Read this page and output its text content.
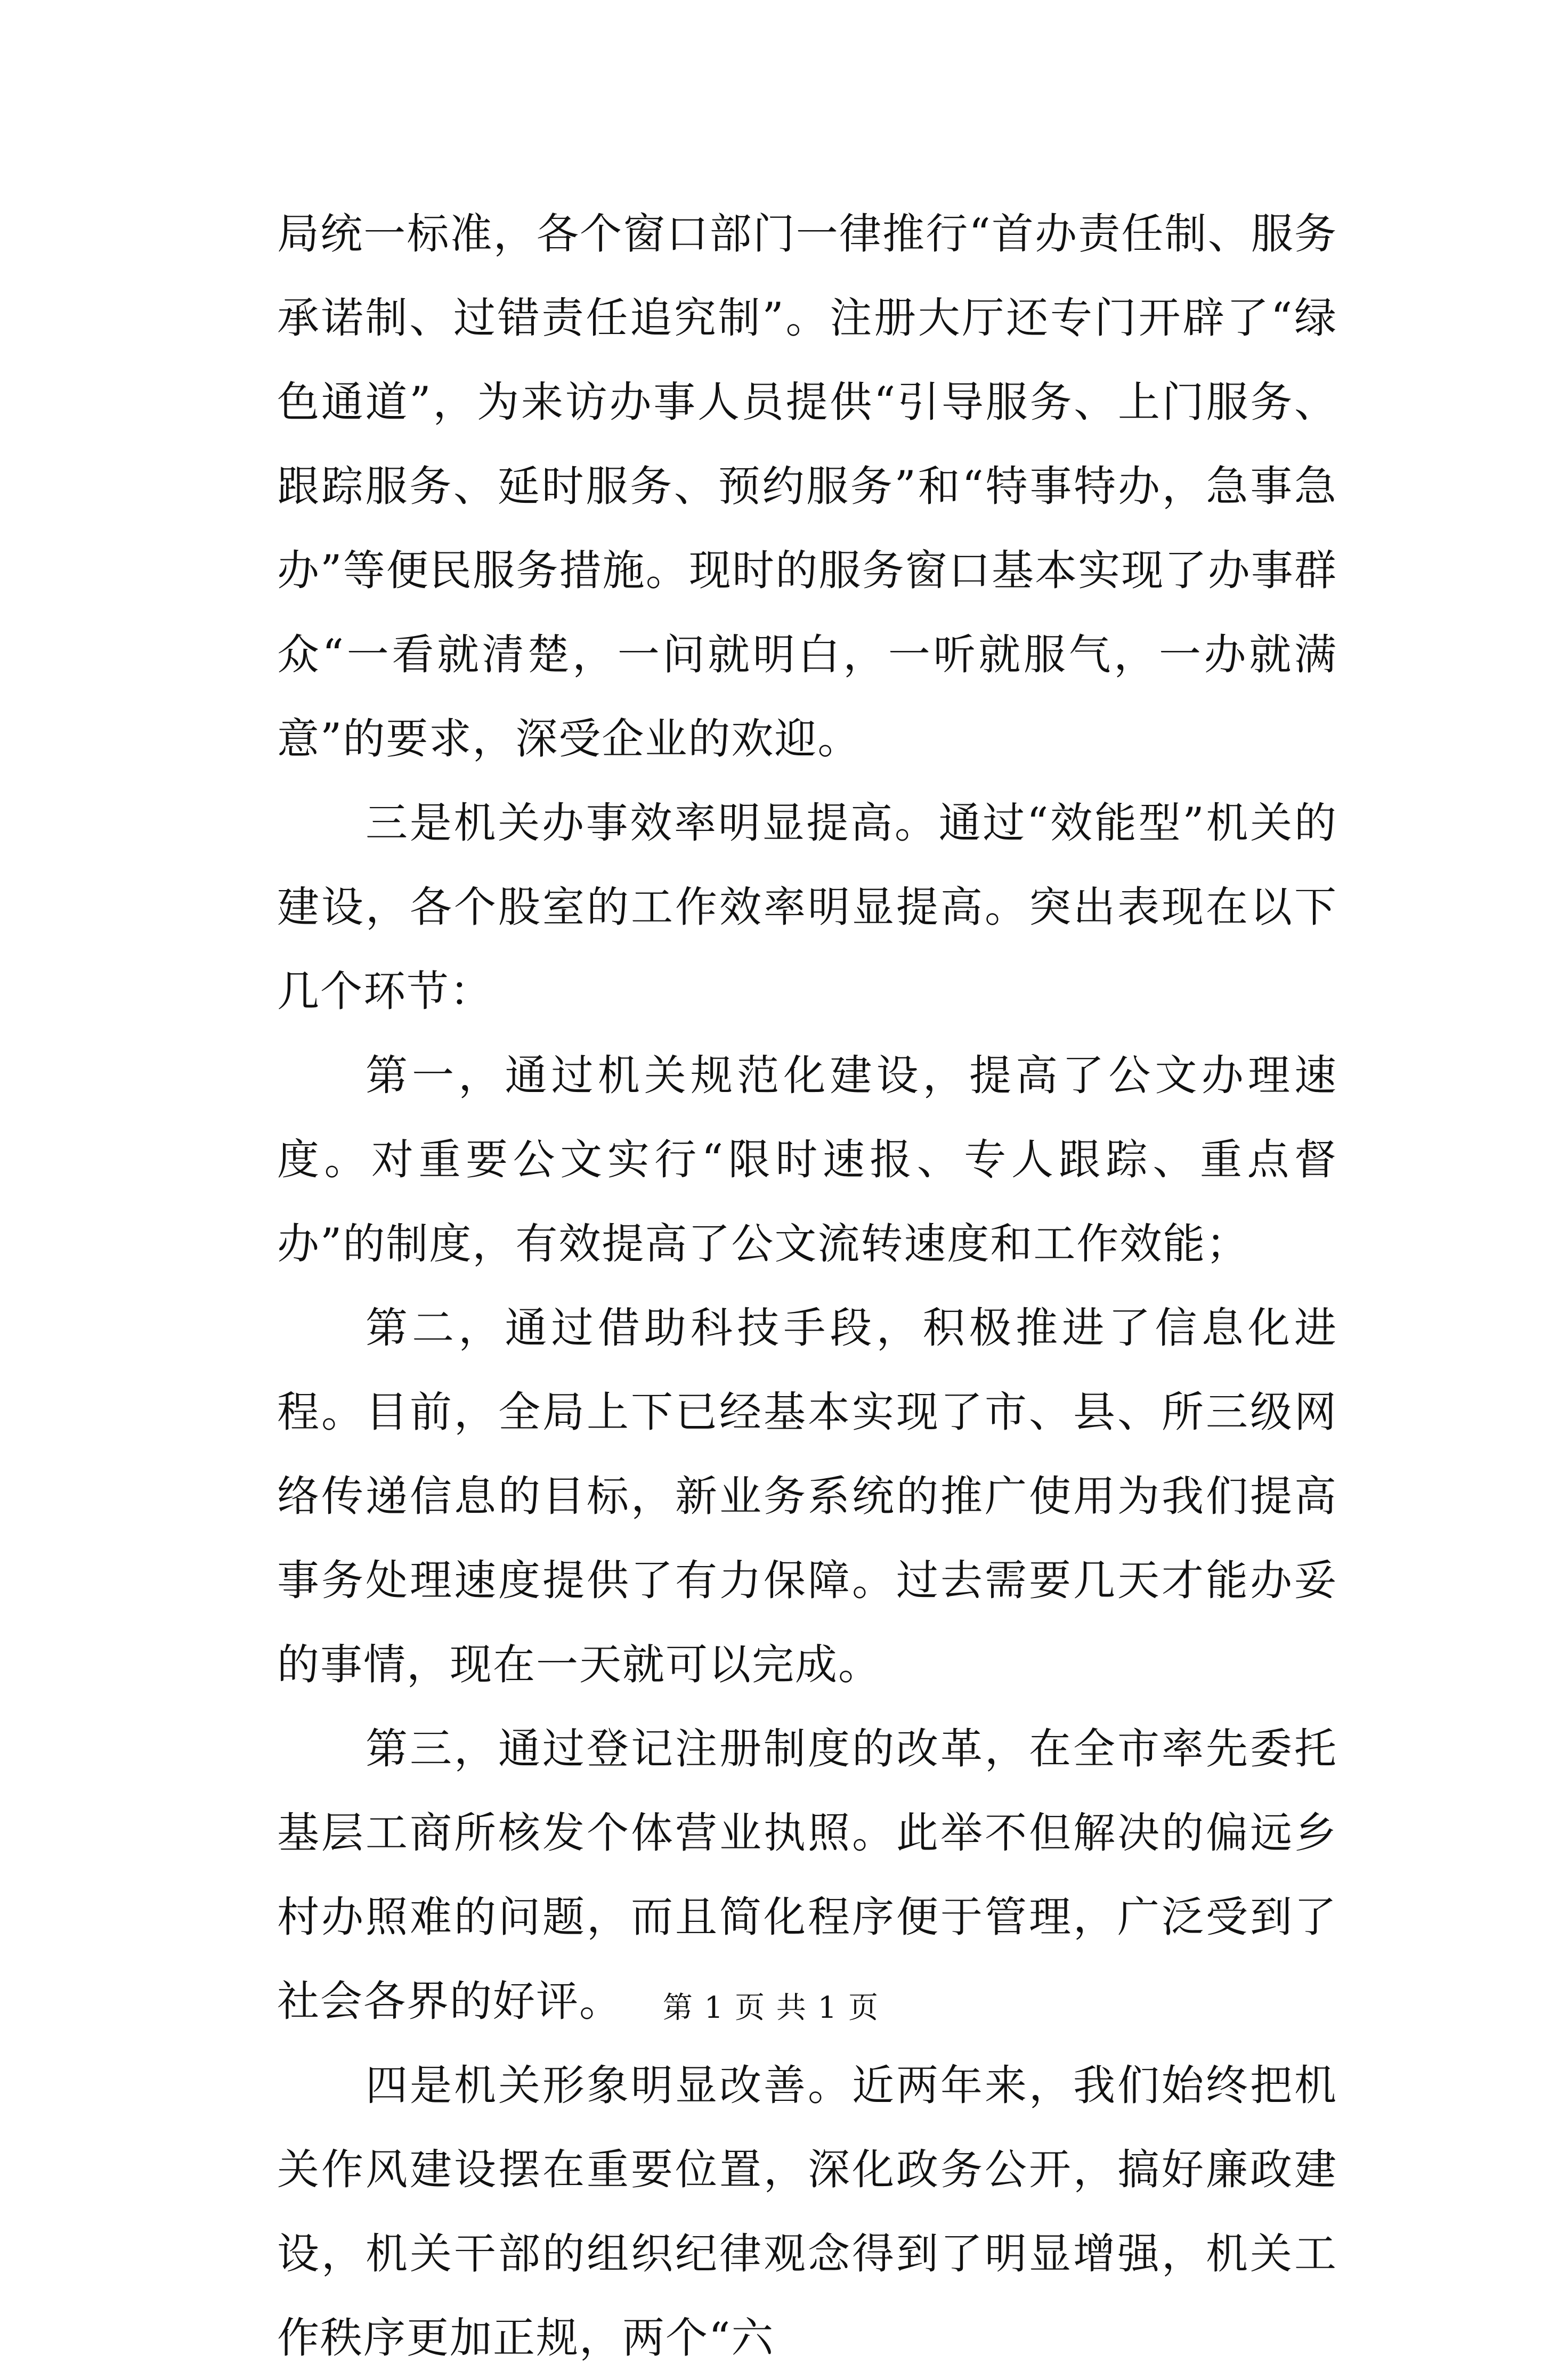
局统一标准，各个窗口部门一律推行“首办责任制、服务承诺制、过错责任追究制”。注册大厅还专门开辟了“绿色通道”，为来访办事人员提供“引导服务、上门服务、跟踪服务、延时服务、预约服务”和“特事特办，急事急办”等便民服务措施。现时的服务窗口基本实现了办事群众“一看就清楚，一问就明白，一听就服气，一办就满意”的要求，深受企业的欢迎。

三是机关办事效率明显提高。通过“效能型”机关的建设，各个股室的工作效率明显提高。突出表现在以下几个环节：

第一，通过机关规范化建设，提高了公文办理速度。对重要公文实行“限时速报、专人跟踪、重点督办”的制度，有效提高了公文流转速度和工作效能；

第二，通过借助科技手段，积极推进了信息化进程。目前，全局上下已经基本实现了市、县、所三级网络传递信息的目标，新业务系统的推广使用为我们提高事务处理速度提供了有力保障。过去需要几天才能办妥的事情，现在一天就可以完成。

第三，通过登记注册制度的改革，在全市率先委托基层工商所核发个体营业执照。此举不但解决的偏远乡村办照难的问题，而且简化程序便于管理，广泛受到了社会各界的好评。

四是机关形象明显改善。近两年来，我们始终把机关作风建设摆在重要位置，深化政务公开，搞好廉政建设，机关干部的组织纪律观念得到了明显增强，机关工作秩序更加正规，两个“六

第 1 页 共 1 页
